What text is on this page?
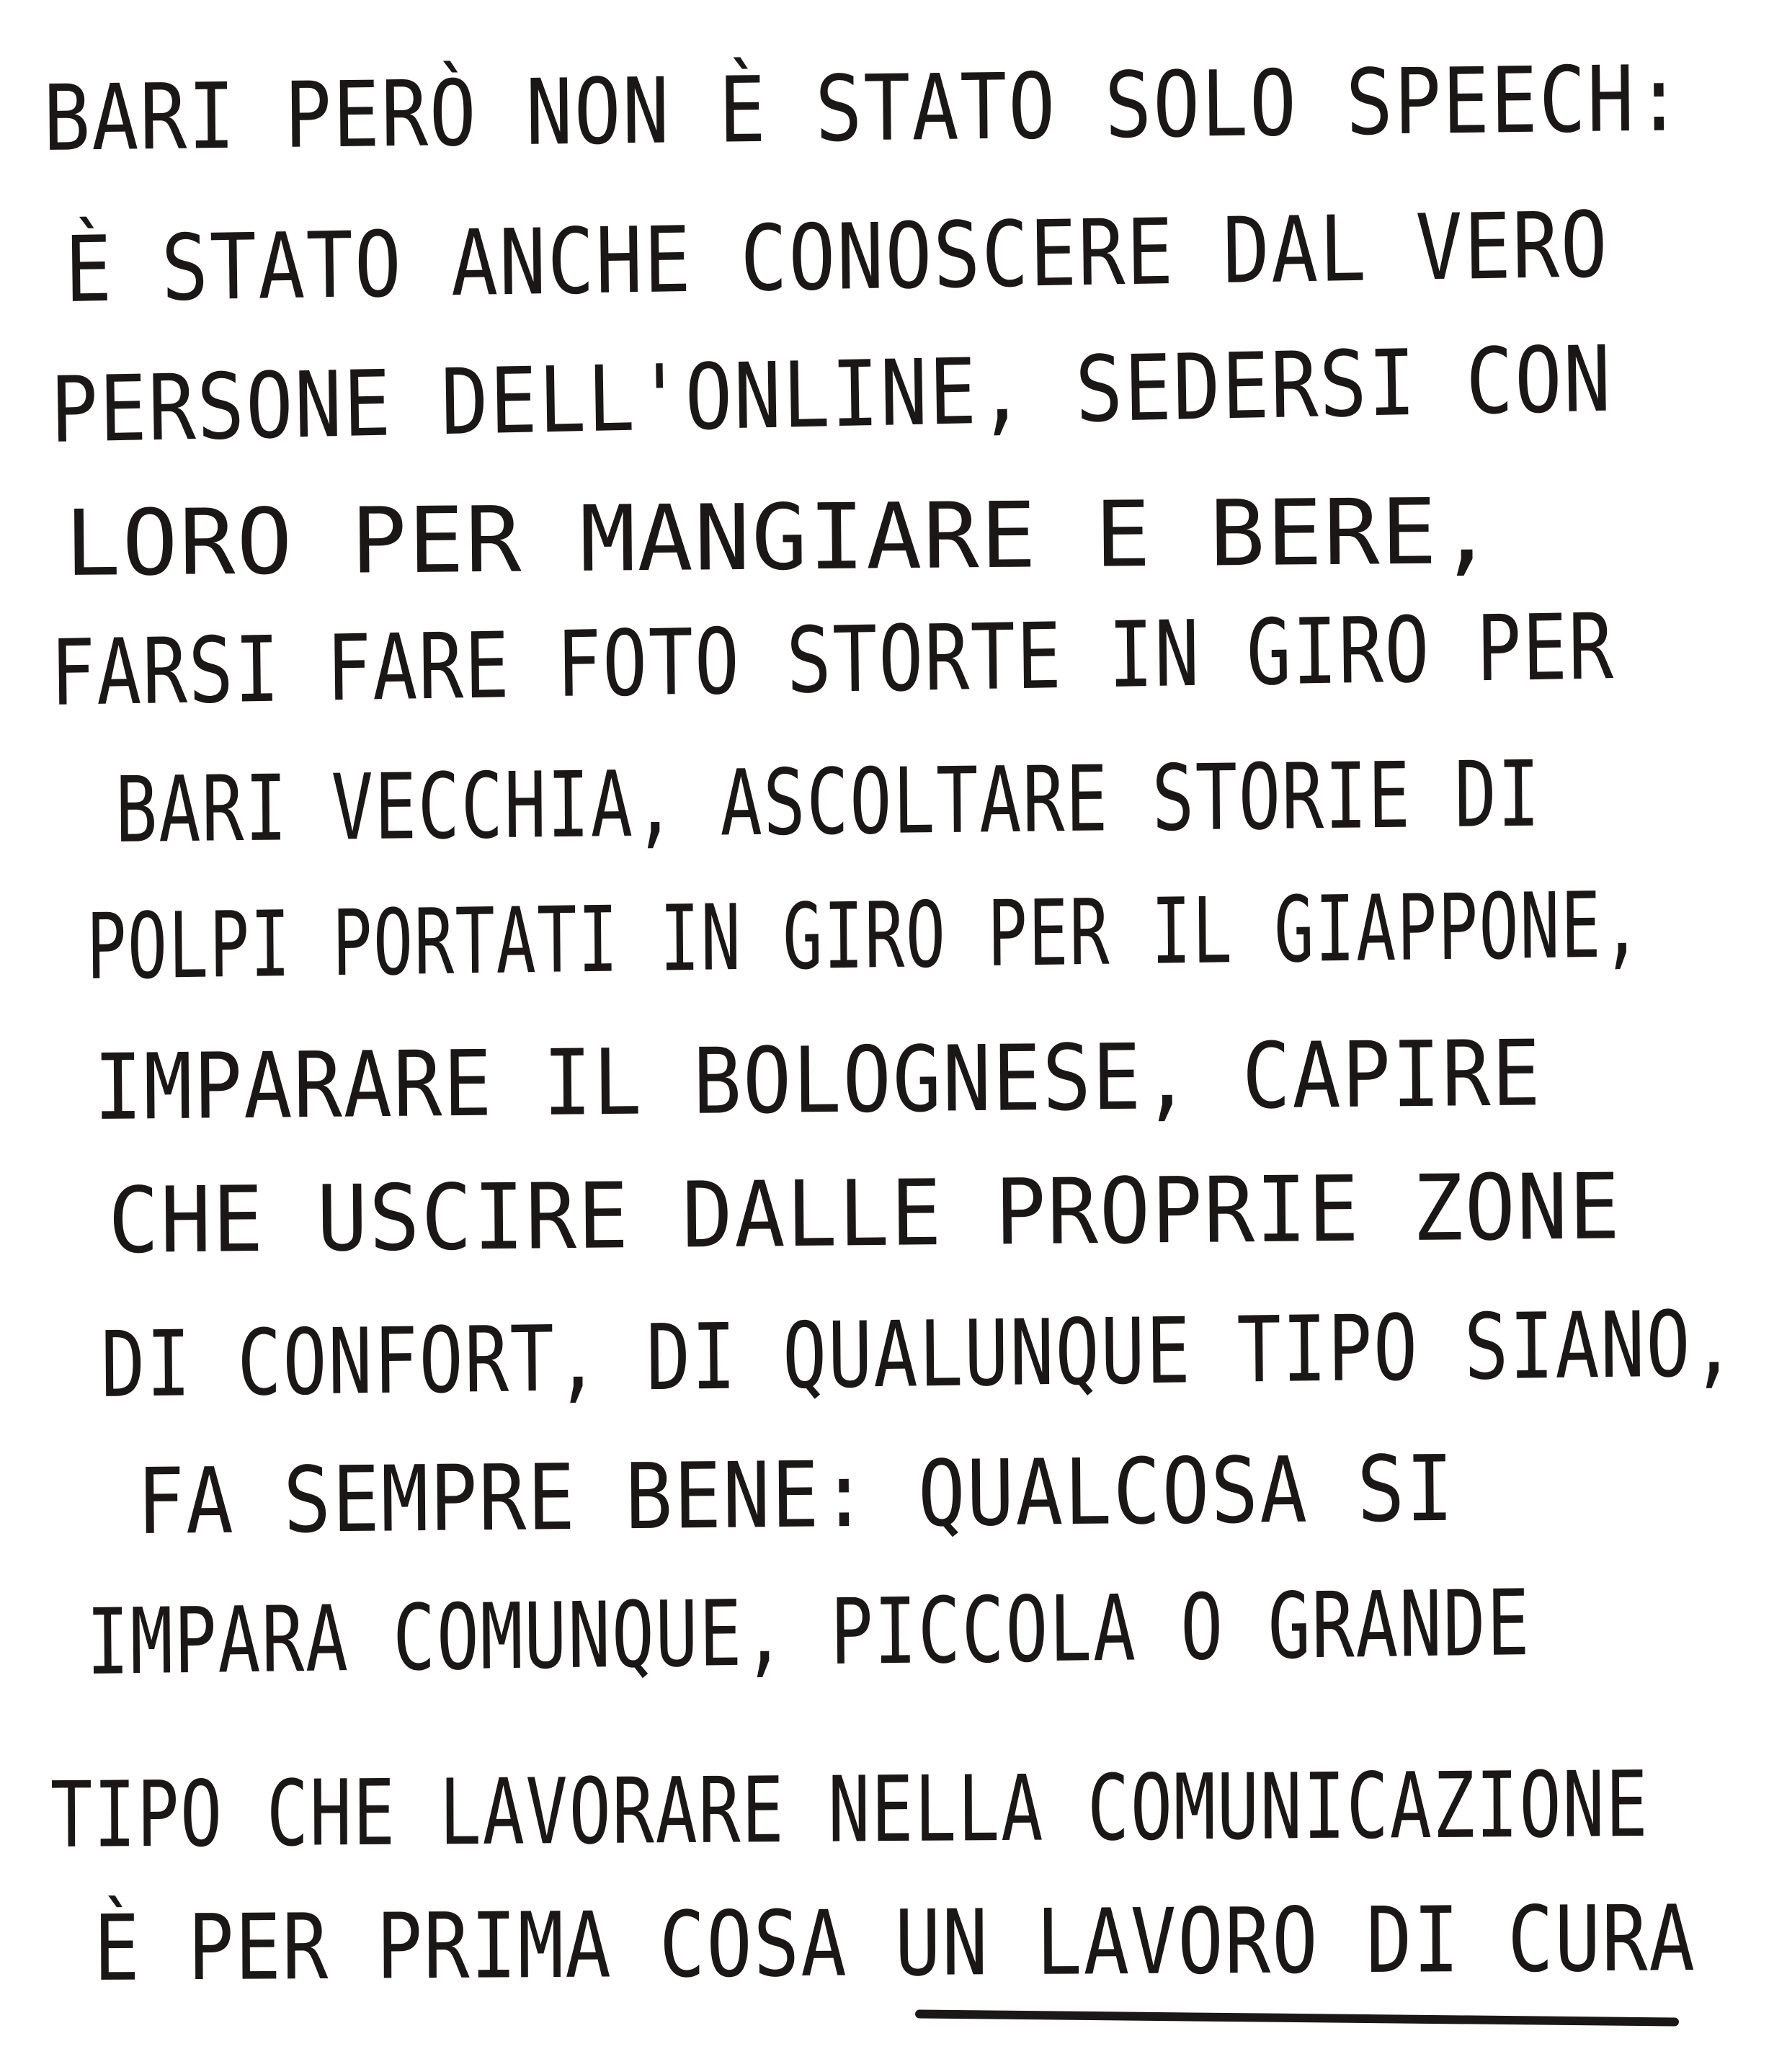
BARI PERÒ NON È STATO SOLO SPEECH:
È STATO ANCHE CONOSCERE DAL VERO
PERSONE DELL'ONLINE, SEDERSI CON
LORO PER MANGIARE E BERE,
FARSI FARE FOTO STORTE IN GIRO PER
BARI VECCHIA, ASCOLTARE STORIE DI
POLPI PORTATI IN GIRO PER IL GIAPPONE,
IMPARARE IL BOLOGNESE, CAPIRE
CHE USCIRE DALLE PROPRIE ZONE
DI CONFORT, DI QUALUNQUE TIPO SIANO,
FA SEMPRE BENE: QUALCOSA SI
IMPARA COMUNQUE, PICCOLA O GRANDE
TIPO CHE LAVORARE NELLA COMUNICAZIONE
È PER PRIMA COSA UN LAVORO DI CURA
